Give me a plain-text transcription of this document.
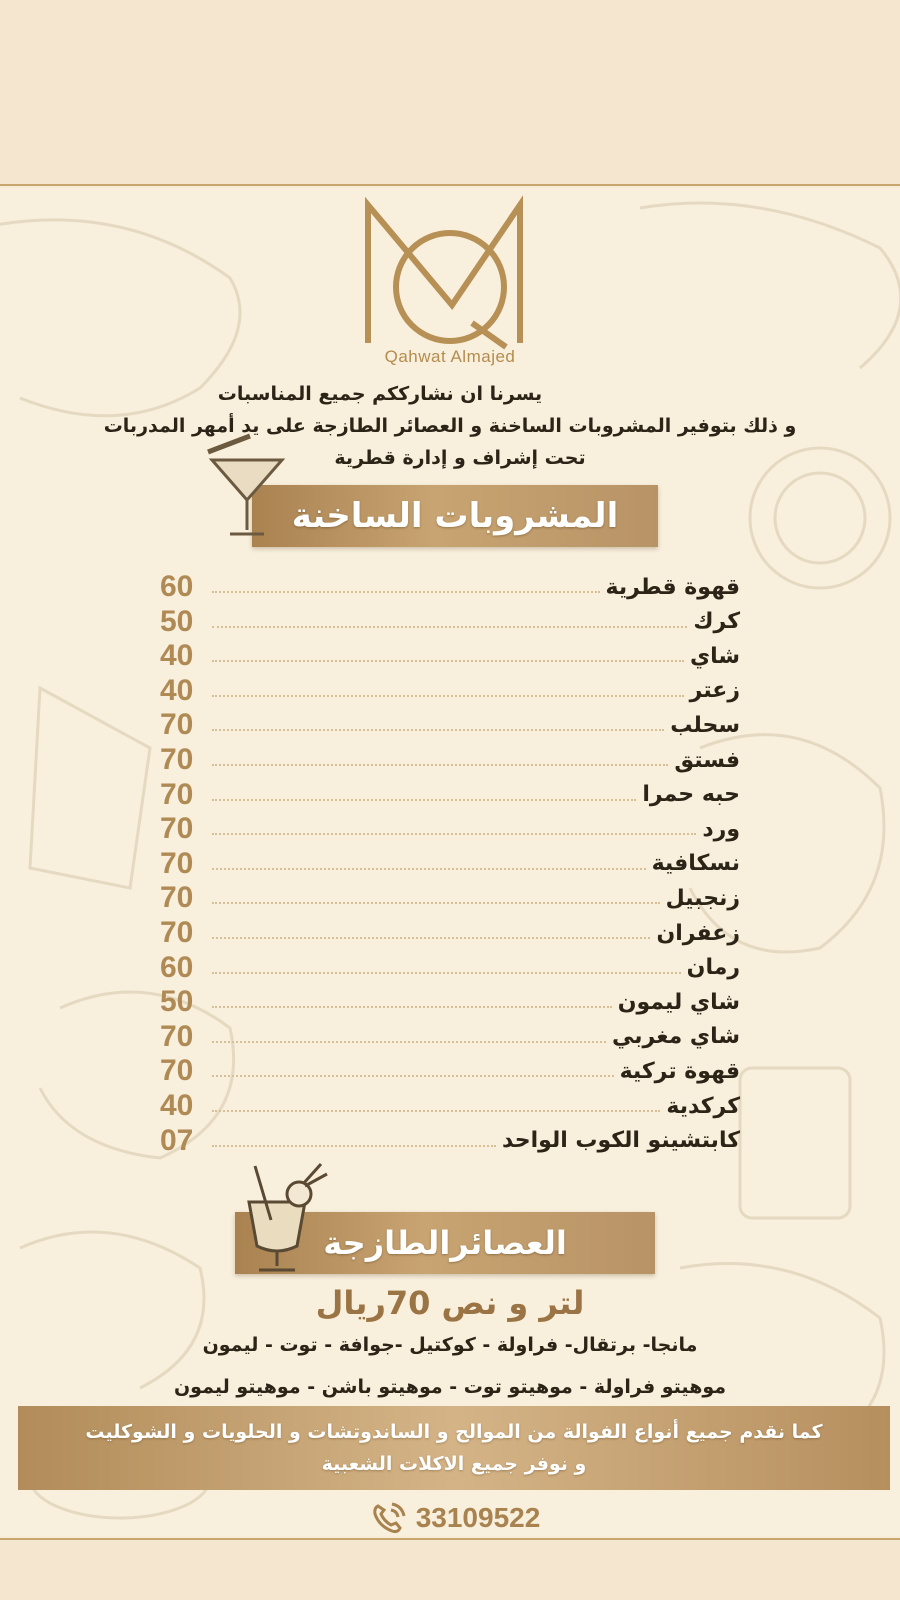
Qahwat Almajed
يسرنا ان نشارككم جميع المناسبات
و ذلك بتوفير المشروبات الساخنة و العصائر الطازجة على يد أمهر المدربات
تحت إشراف و إدارة قطرية
المشروبات الساخنة
60	قهوة قطرية
50	كرك
40	شاي
40	زعتر
70	سحلب
70	فستق
70	حبه حمرا
70	ورد
70	نسكافية
70	زنجبيل
70	زعفران
60	رمان
50	شاي ليمون
70	شاي مغربي
70	قهوة تركية
40	كركدية
07	كابتشينو الكوب الواحد
العصائرالطازجة
لتر و نص 70ريال
مانجا- برتقال- فراولة - كوكتيل -جوافة - توت - ليمون
موهيتو فراولة - موهيتو توت - موهيتو باشن - موهيتو ليمون
كما نقدم جميع أنواع الفوالة من الموالح و الساندوتشات و الحلويات و الشوكليت
و نوفر جميع الاكلات الشعبية
33109522
